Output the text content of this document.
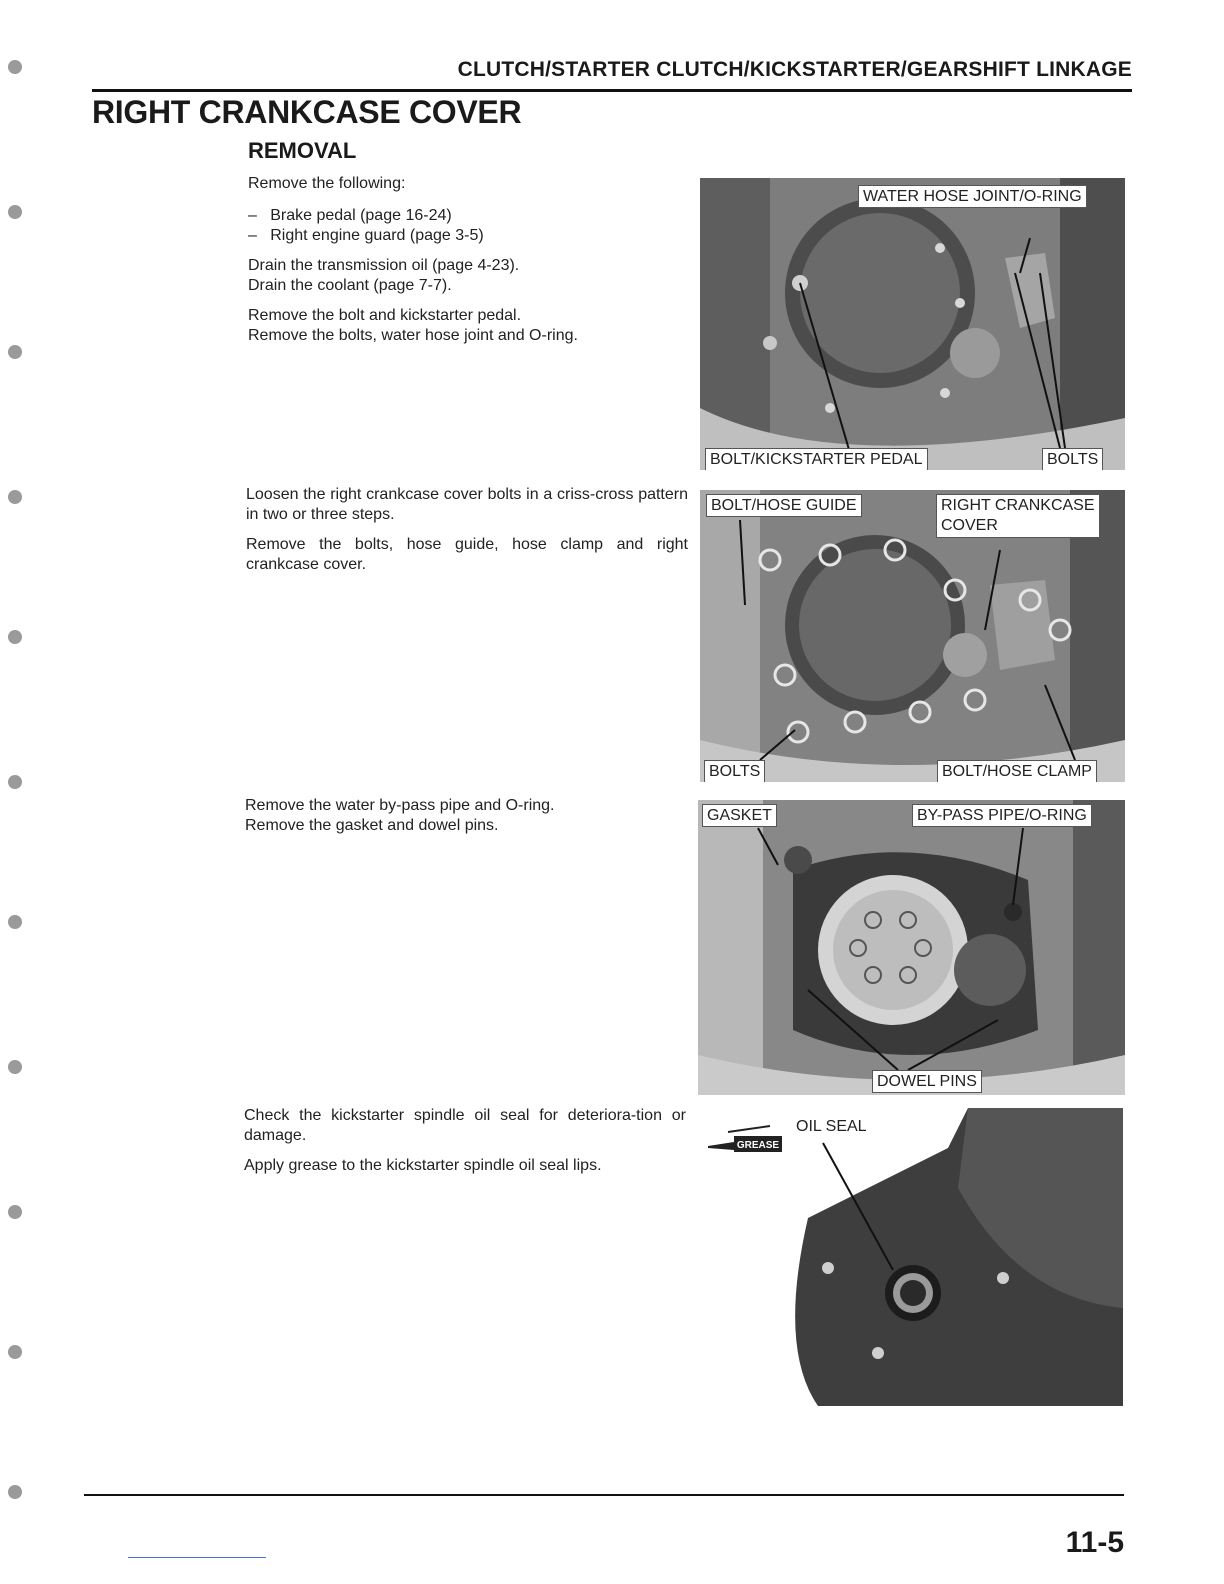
CLUTCH/STARTER CLUTCH/KICKSTARTER/GEARSHIFT LINKAGE
RIGHT CRANKCASE COVER
REMOVAL

Remove the following:

–   Brake pedal (page 16-24)

–   Right engine guard (page 3-5)

Drain the transmission oil (page 4-23).

Drain the coolant (page 7-7).

Remove the bolt and kickstarter pedal.

Remove the bolts, water hose joint and O-ring.

Loosen the right crankcase cover bolts in a criss-cross pattern in two or three steps.

Remove the bolts, hose guide, hose clamp and right crankcase cover.

Remove the water by-pass pipe and O-ring.

Remove the gasket and dowel pins.

Check the kickstarter spindle oil seal for deteriora-tion or damage.

Apply grease to the kickstarter spindle oil seal lips.

WATER HOSE JOINT/O-RING
BOLT/KICKSTARTER PEDAL	BOLTS
BOLT/HOSE GUIDE	RIGHT CRANKCASE
COVER
BOLTS	BOLT/HOSE CLAMP
GASKET	BY-PASS PIPE/O-RING
DOWEL PINS
GREASE
OIL SEAL
11-5
